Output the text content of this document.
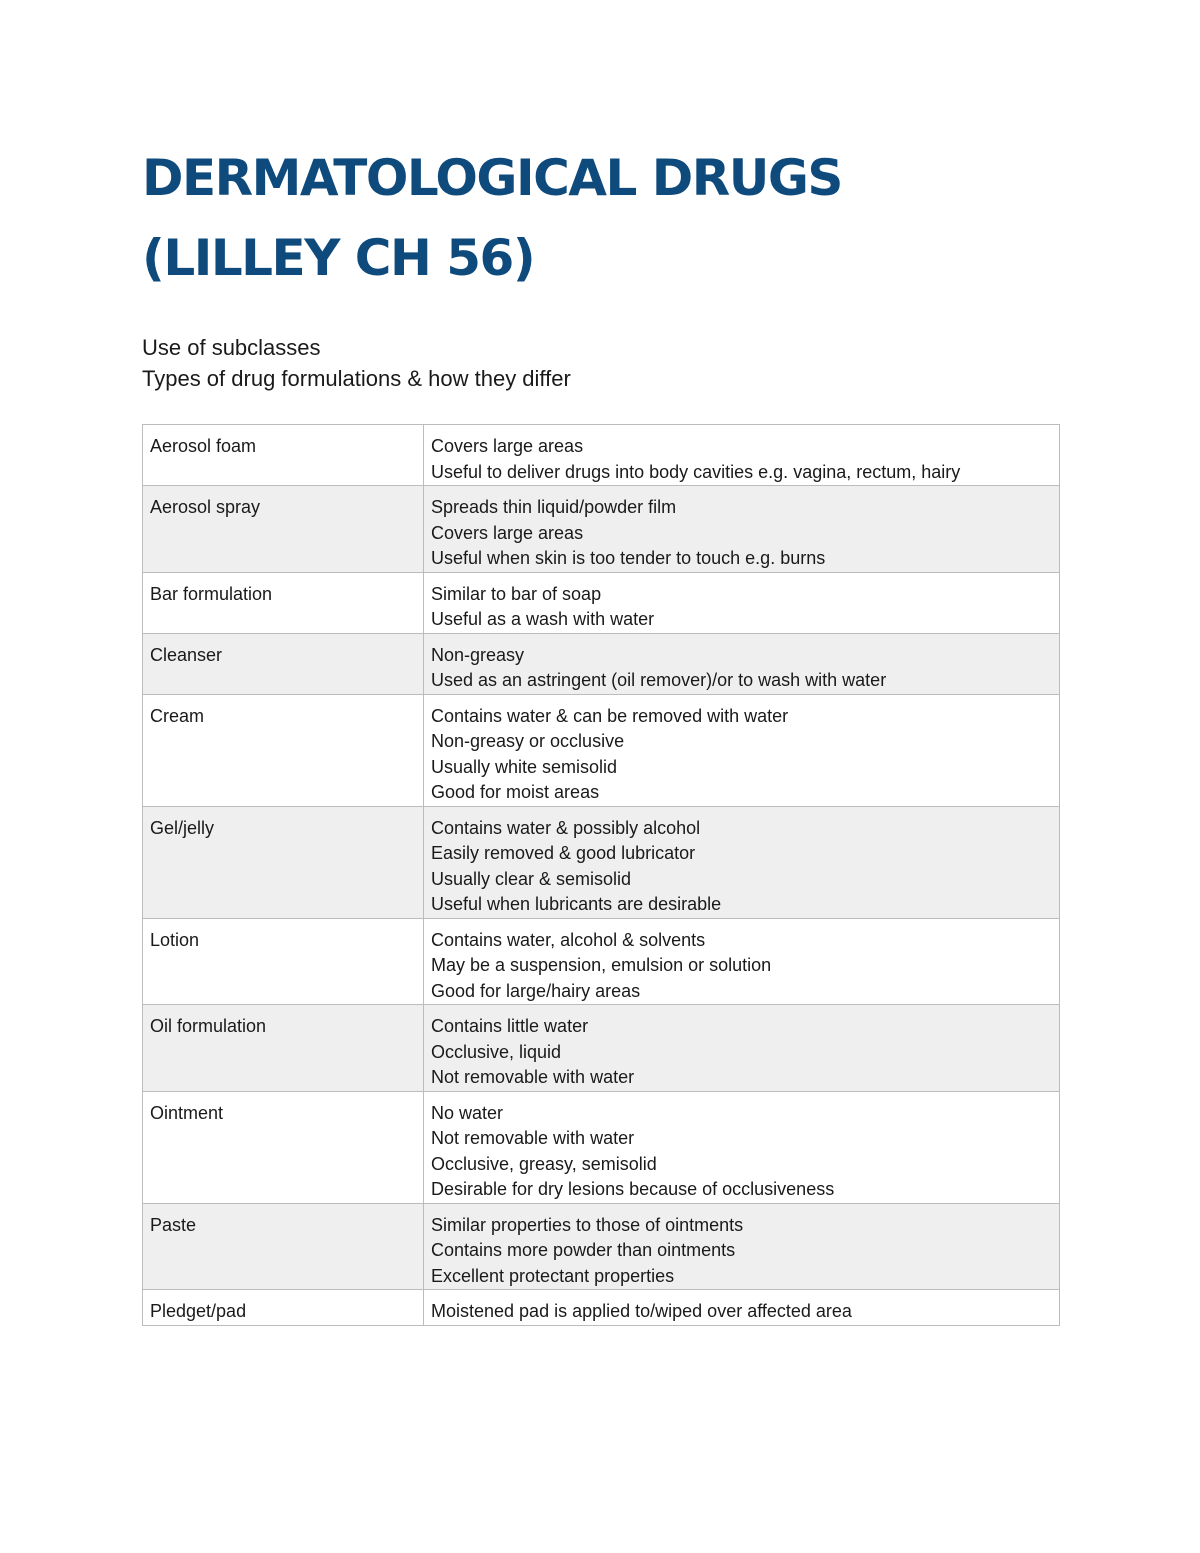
DERMATOLOGICAL DRUGS
(LILLEY CH 56)
Use of subclasses
Types of drug formulations & how they differ
Aerosol foam	Covers large areas
Useful to deliver drugs into body cavities e.g. vagina, rectum, hairy

Aerosol spray	Spreads thin liquid/powder film
Covers large areas
Useful when skin is too tender to touch e.g. burns

Bar formulation	Similar to bar of soap
Useful as a wash with water

Cleanser	Non-greasy
Used as an astringent (oil remover)/or to wash with water

Cream	Contains water & can be removed with water
Non-greasy or occlusive
Usually white semisolid
Good for moist areas

Gel/jelly	Contains water & possibly alcohol
Easily removed & good lubricator
Usually clear & semisolid
Useful when lubricants are desirable

Lotion	Contains water, alcohol & solvents
May be a suspension, emulsion or solution
Good for large/hairy areas

Oil formulation	Contains little water
Occlusive, liquid
Not removable with water

Ointment	No water
Not removable with water
Occlusive, greasy, semisolid
Desirable for dry lesions because of occlusiveness

Paste	Similar properties to those of ointments
Contains more powder than ointments
Excellent protectant properties

Pledget/pad	Moistened pad is applied to/wiped over affected area
